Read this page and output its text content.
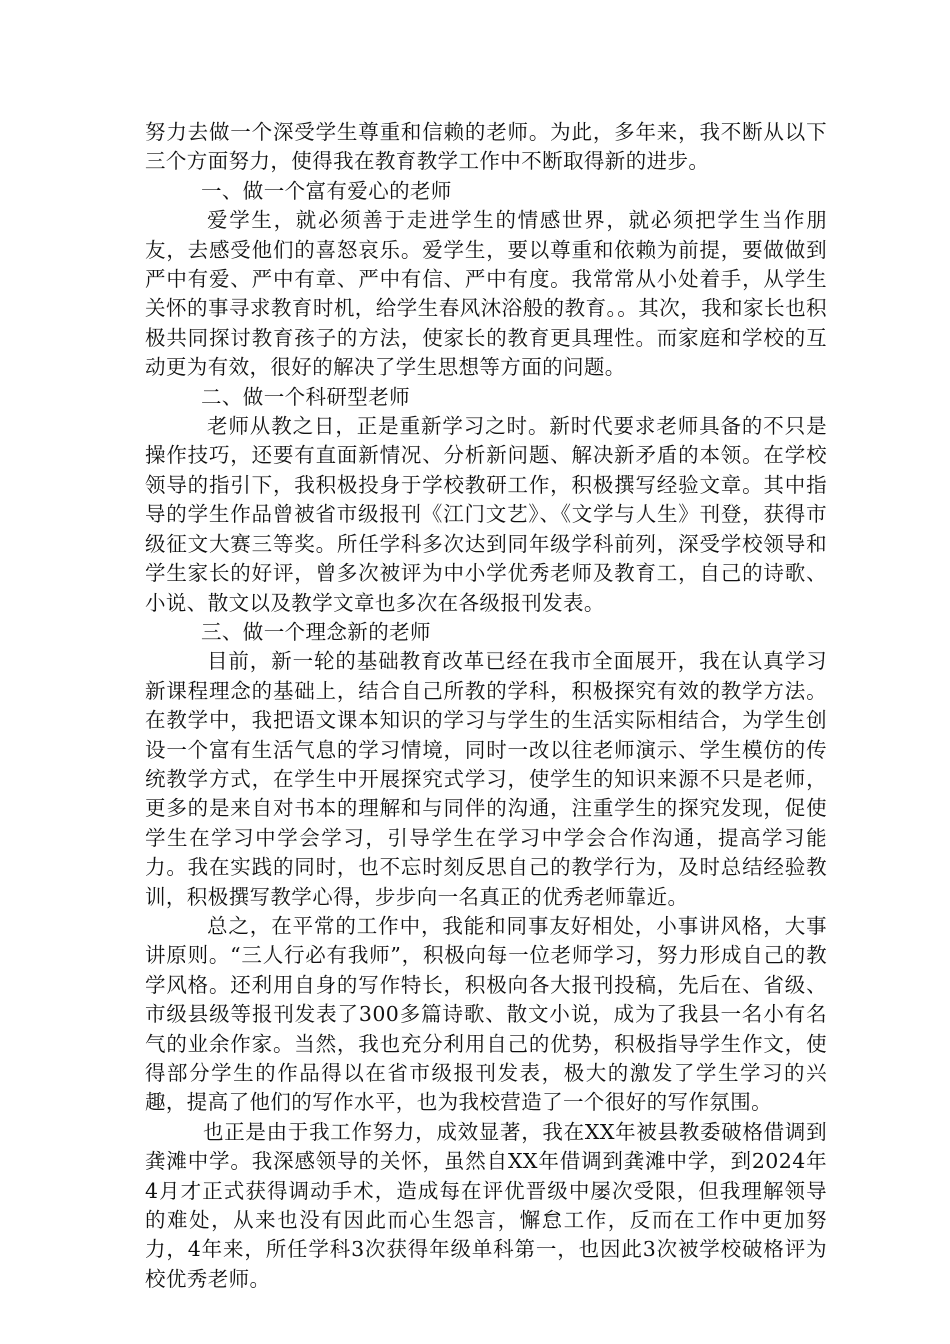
努力去做一个深受学生尊重和信赖的老师。为此，多年来，我不断从以下三个方面努力，使得我在教育教学工作中不断取得新的进步。

一、做一个富有爱心的老师

爱学生，就必须善于走进学生的情感世界，就必须把学生当作朋友，去感受他们的喜怒哀乐。爱学生，要以尊重和依赖为前提，要做做到严中有爱、严中有章、严中有信、严中有度。我常常从小处着手，从学生关怀的事寻求教育时机，给学生春风沐浴般的教育。。其次，我和家长也积极共同探讨教育孩子的方法，使家长的教育更具理性。而家庭和学校的互动更为有效，很好的解决了学生思想等方面的问题。

二、做一个科研型老师

老师从教之日，正是重新学习之时。新时代要求老师具备的不只是操作技巧，还要有直面新情况、分析新问题、解决新矛盾的本领。在学校领导的指引下，我积极投身于学校教研工作，积极撰写经验文章。其中指导的学生作品曾被省市级报刊《江门文艺》、《文学与人生》刊登，获得市级征文大赛三等奖。所任学科多次达到同年级学科前列，深受学校领导和学生家长的好评，曾多次被评为中小学优秀老师及教育工，自己的诗歌、小说、散文以及教学文章也多次在各级报刊发表。

三、做一个理念新的老师

目前，新一轮的基础教育改革已经在我市全面展开，我在认真学习新课程理念的基础上，结合自己所教的学科，积极探究有效的教学方法。在教学中，我把语文课本知识的学习与学生的生活实际相结合，为学生创设一个富有生活气息的学习情境，同时一改以往老师演示、学生模仿的传统教学方式，在学生中开展探究式学习，使学生的知识来源不只是老师，更多的是来自对书本的理解和与同伴的沟通，注重学生的探究发现，促使学生在学习中学会学习，引导学生在学习中学会合作沟通，提高学习能力。我在实践的同时，也不忘时刻反思自己的教学行为，及时总结经验教训，积极撰写教学心得，步步向一名真正的优秀老师靠近。

总之，在平常的工作中，我能和同事友好相处，小事讲风格，大事讲原则。“三人行必有我师”，积极向每一位老师学习，努力形成自己的教学风格。还利用自身的写作特长，积极向各大报刊投稿，先后在、省级、市级县级等报刊发表了300多篇诗歌、散文小说，成为了我县一名小有名气的业余作家。当然，我也充分利用自己的优势，积极指导学生作文，使得部分学生的作品得以在省市级报刊发表，极大的激发了学生学习的兴趣，提高了他们的写作水平，也为我校营造了一个很好的写作氛围。

也正是由于我工作努力，成效显著，我在XX年被县教委破格借调到龚滩中学。我深感领导的关怀，虽然自XX年借调到龚滩中学，到2024年4月才正式获得调动手术，造成每在评优晋级中屡次受限，但我理解领导的难处，从来也没有因此而心生怨言，懈怠工作，反而在工作中更加努力，4年来，所任学科3次获得年级单科第一，也因此3次被学校破格评为校优秀老师。
